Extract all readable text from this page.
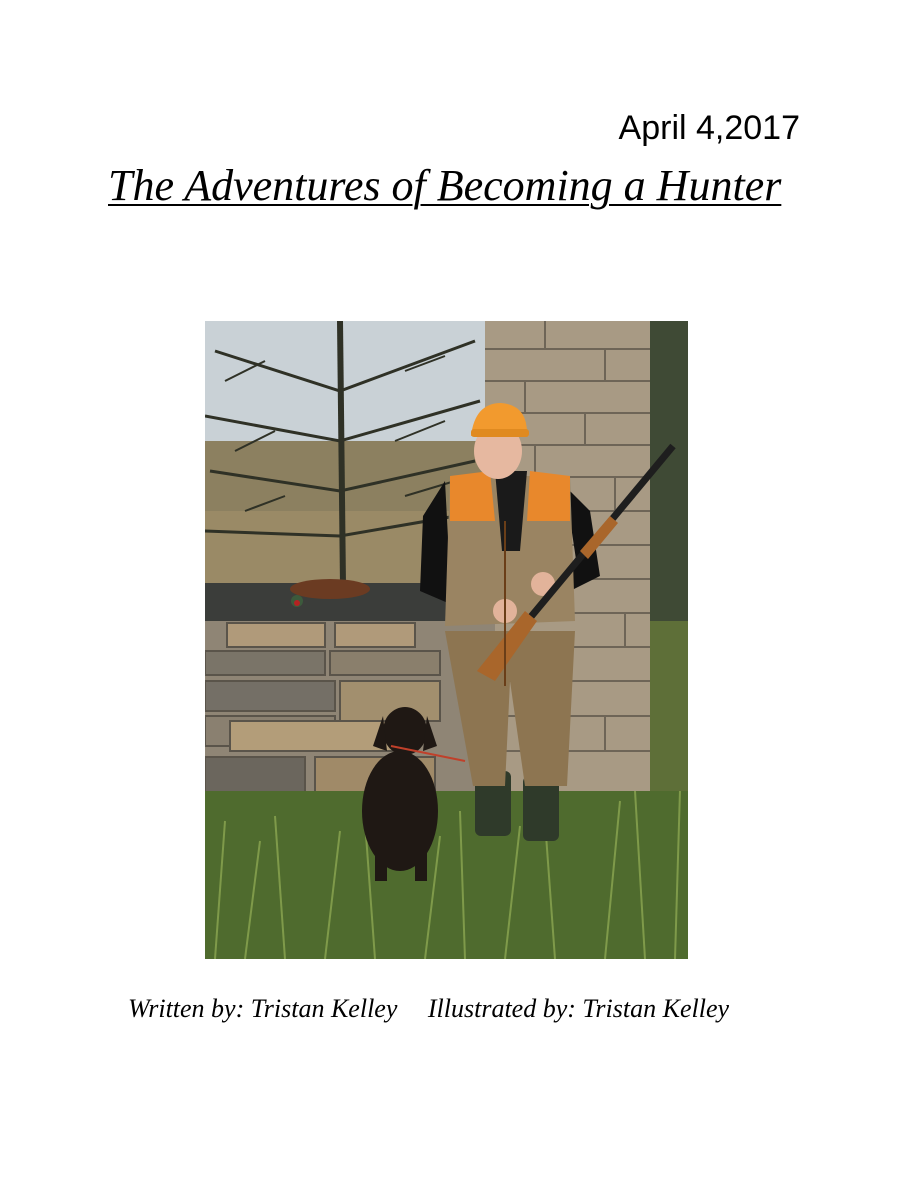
April 4,2017
The Adventures of Becoming a Hunter
Written by: Tristan Kelley Illustrated by: Tristan Kelley
